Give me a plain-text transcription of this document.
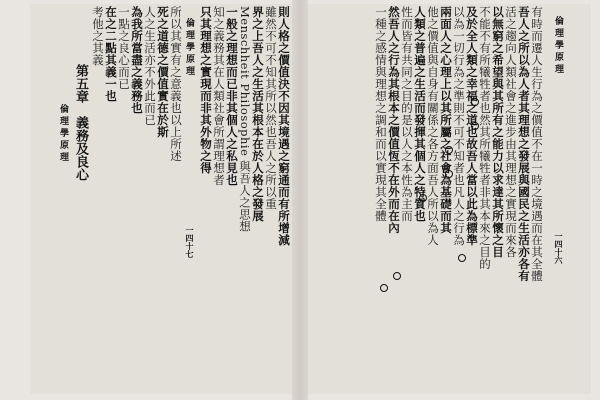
倫理學原理
一四十七	則人格之價值決不因其境遇之窮通而有所增減
雖然不可不知其所以然也吾人之所以重
界之上吾人之生活其根本在於人格之發展
Menschheit Philosophie 與吾人之思想
一般之理想而已非其個人之私見也
知之義務其在人類社會所謂理想者
只其理想之實現而非其外物之得
所以其實有之意義也以上所述
死之道德之價值實在於斯
人之生活亦不外此而已
為我所當盡之義務也
一點之良心而已
在之二點其義一也
考他之其義
第五章
義務及良心
倫理學原理
倫理學原理
一四十六
有時而遷人生行為之價值不在一時之境遇而在其全體
吾人之所以為人者其理想之發展與國民之生活亦各有
活之趨向人類社會之進步由其理想之實現而來各
以無窮之希望與其所有之能力以求達其所懷之目
不能不有所犧牲者也然其所犧牲者非其本來之目的
及於全人類之幸福之道也故吾人當以此為標準
以為一切行為之準則不可不知者也凡人之行為
兩面人之心理上以其所屬之社會為基礎而其
他之價值與自身有關係之各方面吾人所以為人
人類之普遍之生活而發揮其個人之特質也
性而皆有共同之目的是以人之本性為主而
然吾人之行為其根本之價值恆不在外而在內
一種之感情與理想之調和而以實現其全體
